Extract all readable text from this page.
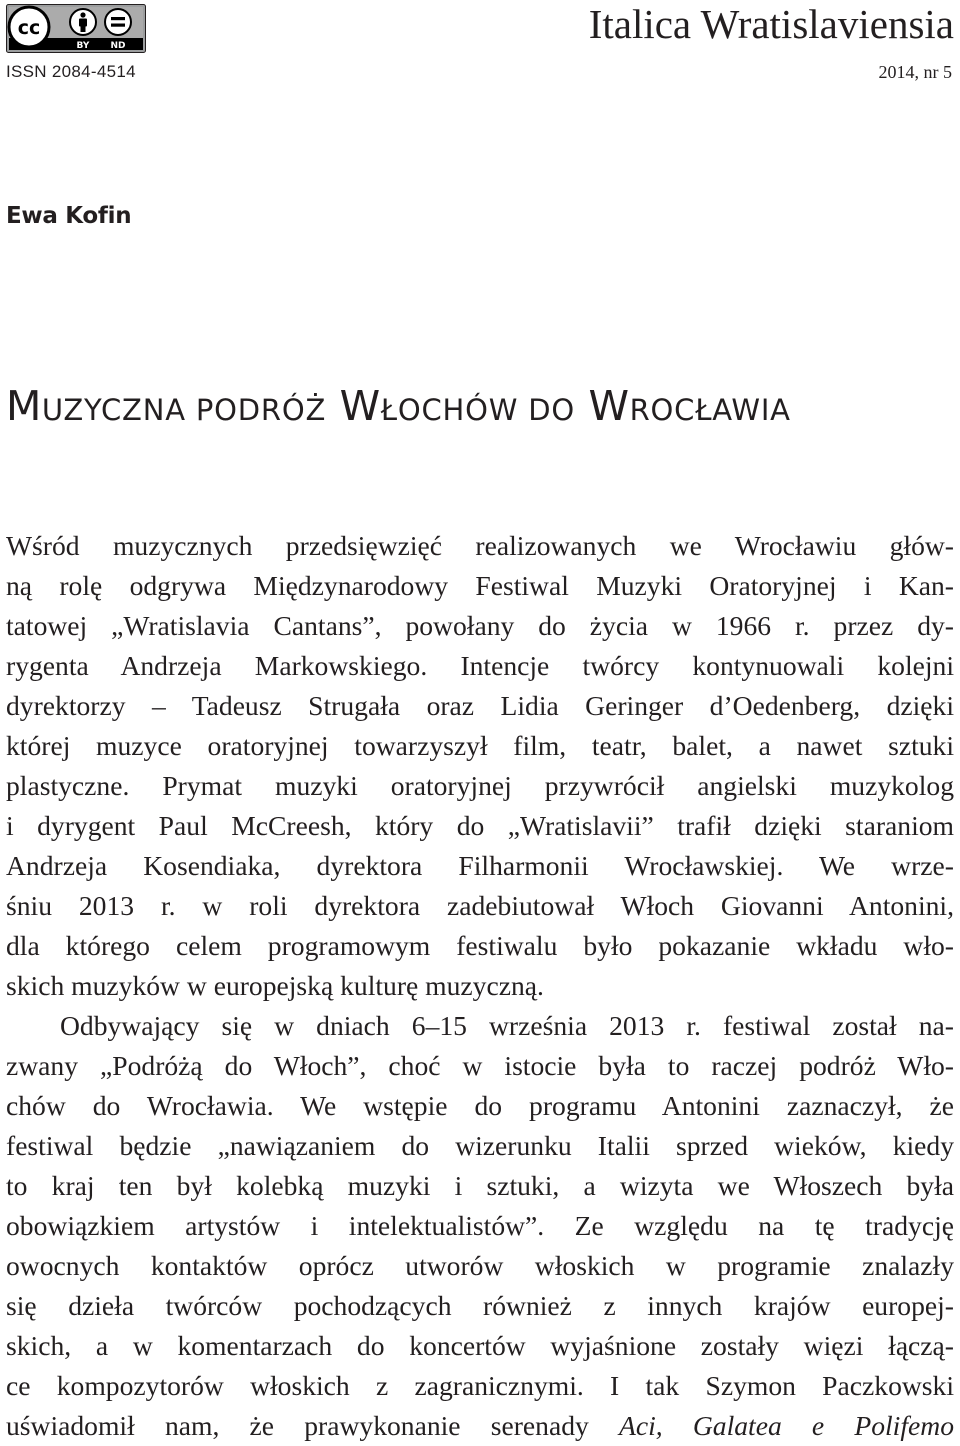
cc
BY ND
ISSN 2084-4514
Italica Wratislaviensia
2014, nr 5
Ewa Kofin
MUZYCZNA PODRÓŻ WŁOCHÓW DO WROCŁAWIA
Wśród muzycznych przedsięwzięć realizowanych we Wrocławiu głów-
ną rolę odgrywa Międzynarodowy Festiwal Muzyki Oratoryjnej i Kan-
tatowej „Wratislavia Cantans”, powołany do życia w 1966 r. przez dy-
rygenta Andrzeja Markowskiego. Intencje twórcy kontynuowali kolejni
dyrektorzy – Tadeusz Strugała oraz Lidia Geringer d’Oedenberg, dzięki
której muzyce oratoryjnej towarzyszył film, teatr, balet, a nawet sztuki
plastyczne. Prymat muzyki oratoryjnej przywrócił angielski muzykolog
i dyrygent Paul McCreesh, który do „Wratislavii” trafił dzięki staraniom
Andrzeja Kosendiaka, dyrektora Filharmonii Wrocławskiej. We wrze-
śniu 2013 r. w roli dyrektora zadebiutował Włoch Giovanni Antonini,
dla którego celem programowym festiwalu było pokazanie wkładu wło-
skich muzyków w europejską kulturę muzyczną.
Odbywający się w dniach 6–15 września 2013 r. festiwal został na-
zwany „Podróżą do Włoch”, choć w istocie była to raczej podróż Wło-
chów do Wrocławia. We wstępie do programu Antonini zaznaczył, że
festiwal będzie „nawiązaniem do wizerunku Italii sprzed wieków, kiedy
to kraj ten był kolebką muzyki i sztuki, a wizyta we Włoszech była
obowiązkiem artystów i intelektualistów”. Ze względu na tę tradycję
owocnych kontaktów oprócz utworów włoskich w programie znalazły
się dzieła twórców pochodzących również z innych krajów europej-
skich, a w komentarzach do koncertów wyjaśnione zostały więzi łączą-
ce kompozytorów włoskich z zagranicznymi. I tak Szymon Paczkowski
uświadomił nam, że prawykonanie serenady Aci, Galatea e Polifemo
